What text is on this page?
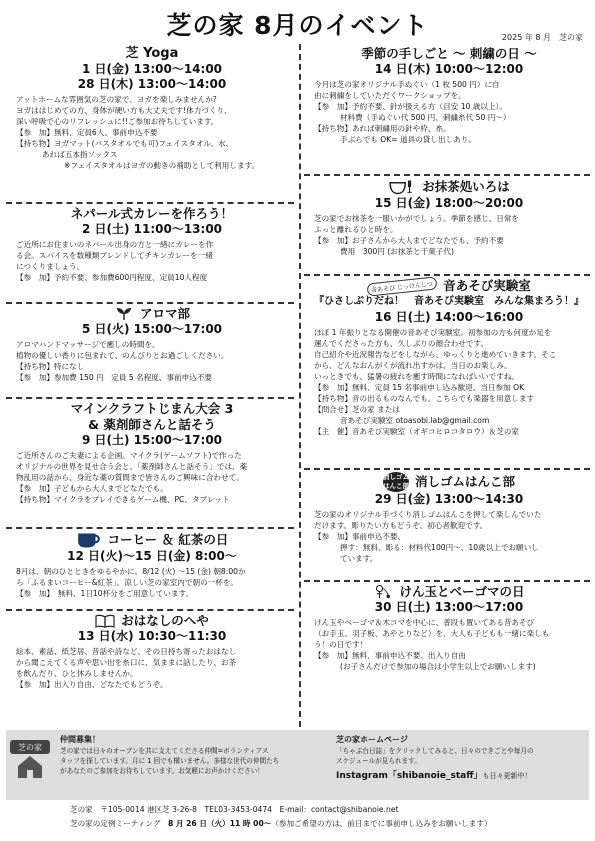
芝の家 8月のイベント	2025 年 8 月　芝の家
芝 Yoga
1 日(金) 13:00～14:00
28 日(木) 13:00～14:00

アットホームな雰囲気の芝の家で、ヨガを楽しみませんか?

ヨガははじめての方、身体が硬い方も大丈夫です!体力づくり、

深い呼吸で心のリフレッシュに!!ご参加お待ちしています。

【参　加】無料、定員6人、事前申込不要

【持ち物】ヨガマット(バスタオルでも可)フェイスタオル、水、

あれば五本指ソックス

※フェイスタオルはヨガの動きの補助として利用します。

ネパール式カレーを作ろう！
2 日(土) 11:00～13:00

ご近所にお住まいのネパール出身の方と一緒にカレーを作

る会。スパイスを数種類ブレンドしてチキンカレーを一緒

につくりましょう。

【参　加】予約不要、参加費600円程度、定員10人程度

アロマ部
5 日(火) 15:00～17:00

アロマハンドマッサージで癒しの時間を。

植物の優しい香りに包まれて、のんびりとお過ごしください。

【持ち物】特になし

【参　加】参加費 150 円　定員 5 名程度、事前申込不要

マインクラフトじまん大会 3
& 薬剤師さんと話そう
9 日(土) 15:00～17:00

ご近所さんのご夫妻による企画。マイクラ(ゲームソフト)で作った

オリジナルの世界を見せ合う会と、「薬剤師さんと話そう」では、薬

物乱用の話から、身近な薬の質問まで皆さんのご興味に合わせて。

【参　加】子どもから大人までどなたでも。

【持ち物】マイクラをプレイできるゲーム機、PC、タブレット

コーヒー ＆ 紅茶の日
12 日(火)～15 日(金) 8:00～

8月は、朝のひとときをゆるやかに。8/12 (火) ～15 (金) 朝8:00か

ら「ふるまいコーヒー&紅茶」。涼しい芝の家室内で朝の一杯を。

【参　加】　無料、1日10杯分をご用意しています。

おはなしのへや
13 日(水) 10:30～11:30

絵本、素話、紙芝居、昔話や詩など、その日持ち寄ったおはなし

から聞こえてくる声や思い出を糸口に、気ままに話したり、お茶

を飲んだり、ひと休みしませんか。

【参　加】出入り自由、どなたでもどうぞ。

季節の手しごと ～ 刺繍の日 ～
14 日(木) 10:00～12:00

今月は芝の家オリジナル手ぬぐい（1 枚 500 円）に自

由に刺繍をしていただくワークショップを。

【参　加】予約不要、針が扱える方（目安 10 歳以上）。

材料費（手ぬぐい代 500 円、刺繍糸代 50 円〜）

【持ち物】あれば刺繍用の針や枠、糸。

手ぶらでも OK= 道具の貸し出しあり。

お抹茶処いろは
15 日(金) 18:00～20:00

芝の家でお抹茶を一服いかがでしょう。季節を感じ、日常を

ふっと離れるひと時を。

【参　加】お子さんから大人までどなたでも、予約不要

費用　300円 (お抹茶と干菓子代)

音あそび じっけんしつ 音あそび実験室
『ひさしぶりだね！　音あそび実験室　みんな集まろう！』
16 日(土) 14:00～16:00

ほぼ 1 年振りとなる開催の音あそび実験室。初参加の方も何度か足を

運んでくださった方も、久しぶりの顔合わせです。

自己紹介や近況報告などをしながら、ゆっくりと進めていきます。そこ

から、どんなおんがくが流れ出すかは、当日のお楽しみ。

いっときでも、猛暑の疲れを癒す時間になればいいですね。

【参　加】無料、定員 15 名事前申し込み歓迎、当日参加 OK

【持ち物】音の出るものなんでも。こちらでも楽器を用意します

【問合せ】芝の家 または

音あそび実験室 otoasobi.lab@gmail.com

【主　催】音あそび実験室（オギコヒロコタロウ）＆芝の家

消しゴムはんこ部 消しゴムはんこ部
29 日(金) 13:00～14:30

芝の家のオリジナル手づくり消しゴムはんこを押して楽しんでいた

だけます。彫りたい方もどうぞ、初心者歓迎です。

【参　加】事前申込不要、

押す：無料、彫る：材料代100円～、10歳以上でお願いし

ています。

けん玉とベーゴマの日
30 日(土) 13:00～17:00

けん玉やベーゴマ＆木コマを中心に、普段も置いてある昔あそび

（お手玉、羽子板、あやとりなど）を、大人も子どもも一緒に楽しも

う！の日です！

【参　加】無料、事前申込不要、出入り自由

(お子さんだけで参加の場合は小学生以上でお願いします)

芝の家
仲間募集！
芝の家では日々のオープンを共に支えてくださる仲間=ボランティアス
タッフを探しています。月に 1 回でも構いません。多様な世代の仲間たち
があなたのご参加をお待ちしています。お気軽にお声かけください！
芝の家ホームページ
「ちゃぶ台日誌」をクリックしてみると、日々のできごとや毎月の
スケジュールが見られます。
Instagram「shibanoie_staff」も日々更新中！
芝の家　〒105-0014 港区芝 3-26-8　TEL03-3453-0474　E-mail：contact@shibanoie.net
芝の家の定例ミーティング　8 月 26 日（火）11 時 00～（参加ご希望の方は、前日までに事前申し込みをお願いします）
